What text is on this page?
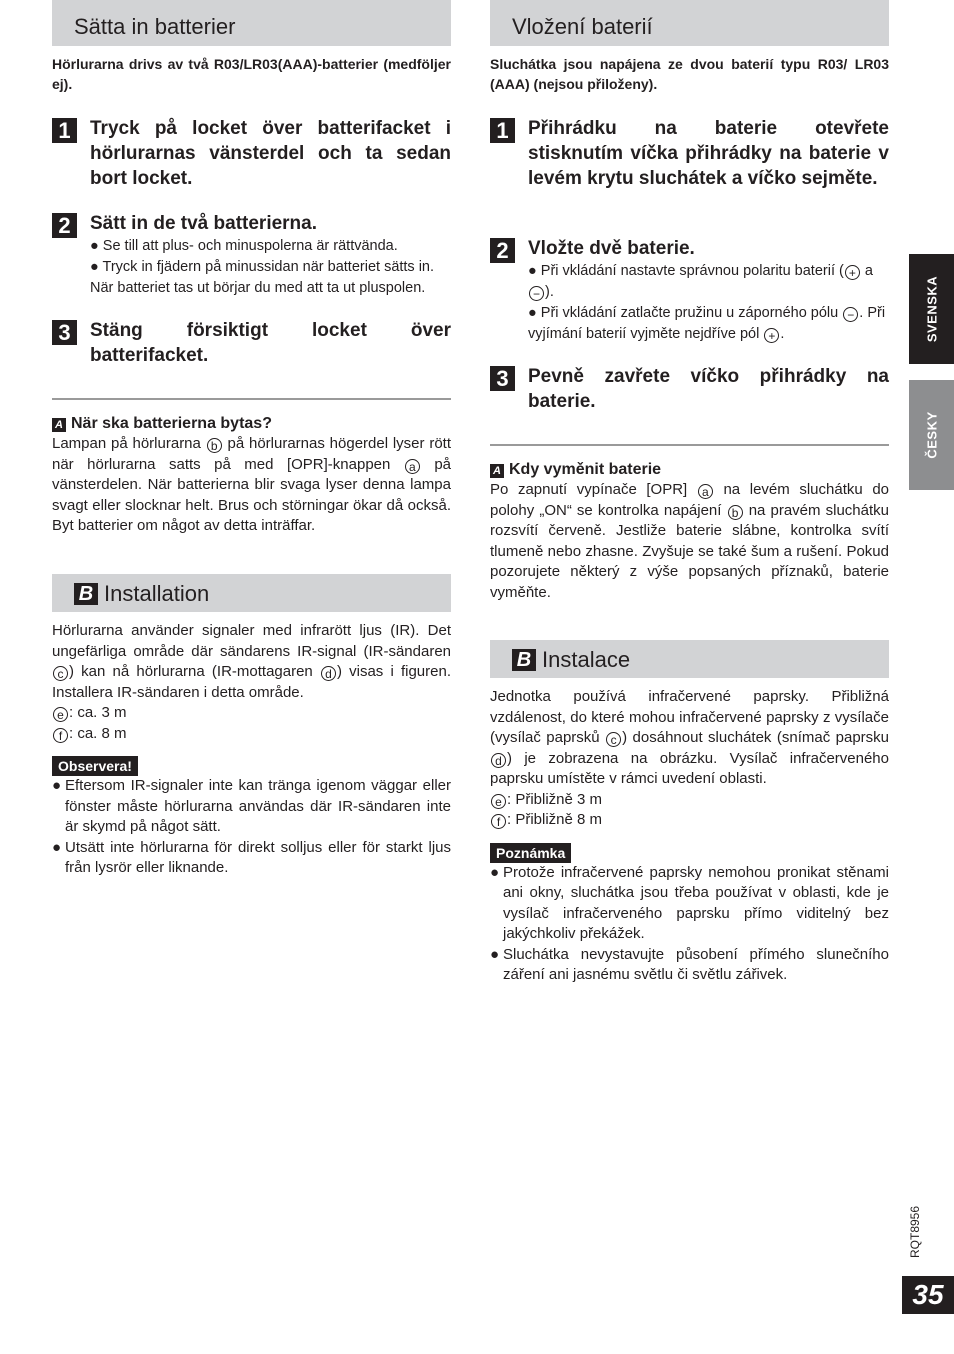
Sätta in batterier
Hörlurarna drivs av två R03/LR03(AAA)-batterier (medföljer ej).
1	Tryck på locket över batterifacket i hörlurarnas vänsterdel och ta sedan bort locket.
2	Sätt in de två batterierna.
● Se till att plus- och minuspolerna är rättvända.
● Tryck in fjädern på minussidan när batteriet sätts in. När batteriet tas ut börjar du med att ta ut pluspolen.
3	Stäng försiktigt locket över batterifacket.
A När ska batterierna bytas?
Lampan på hörlurarna b på hörlurarnas högerdel lyser rött när hörlurarna satts på med [OPR]-knappen a på vänsterdelen. När batterierna blir svaga lyser denna lampa svagt eller slocknar helt. Brus och störningar ökar då också. Byt batterier om något av detta inträffar.
B Installation
Hörlurarna använder signaler med infrarött ljus (IR). Det ungefärliga område där sändarens IR-signal (IR-sändaren c ) kan nå hörlurarna (IR-mottagaren d ) visas i figuren. Installera IR-sändaren i detta område.
e : ca. 3 m
f : ca. 8 m
Observera!
● Eftersom IR-signaler inte kan tränga igenom väggar eller fönster måste hörlurarna användas där IR-sändaren inte är skymd på något sätt.
● Utsätt inte hörlurarna för direkt solljus eller för starkt ljus från lysrör eller liknande.
Vložení baterií
Sluchátka jsou napájena ze dvou baterií typu R03/ LR03 (AAA) (nejsou přiloženy).
1	Přihrádku na baterie otevřete stisknutím víčka přihrádky na baterie v levém krytu sluchátek a víčko sejměte.
2	Vložte dvě baterie.
● Při vkládání nastavte správnou polaritu baterií ( + a − ).
● Při vkládání zatlačte pružinu u záporného pólu − . Při vyjímání baterií vyjměte nejdříve pól + .
3	Pevně zavřete víčko přihrádky na baterie.
A Kdy vyměnit baterie
Po zapnutí vypínače [OPR] a na levém sluchátku do polohy „ON“ se kontrolka napájení b na pravém sluchátku rozsvítí červeně. Jestliže baterie slábne, kontrolka svítí tlumeně nebo zhasne. Zvyšuje se také šum a rušení. Pokud pozorujete některý z výše popsaných příznaků, baterie vyměňte.
B Instalace
Jednotka používá infračervené paprsky. Přibližná vzdálenost, do které mohou infračervené paprsky z vysílače (vysílač paprsků c ) dosáhnout sluchátek (snímač paprsku d ) je zobrazena na obrázku. Vysílač infračerveného paprsku umístěte v rámci uvedení oblasti.
e : Přibližně 3 m
f : Přibližně 8 m
Poznámka
● Protože infračervené paprsky nemohou pronikat stěnami ani okny, sluchátka jsou třeba používat v oblasti, kde je vysílač infračerveného paprsku přímo viditelný bez jakýchkoliv překážek.
● Sluchátka nevystavujte působení přímého slunečního záření ani jasnému světlu či světlu zářivek.
SVENSKA
ČESKY
RQT8956
35
